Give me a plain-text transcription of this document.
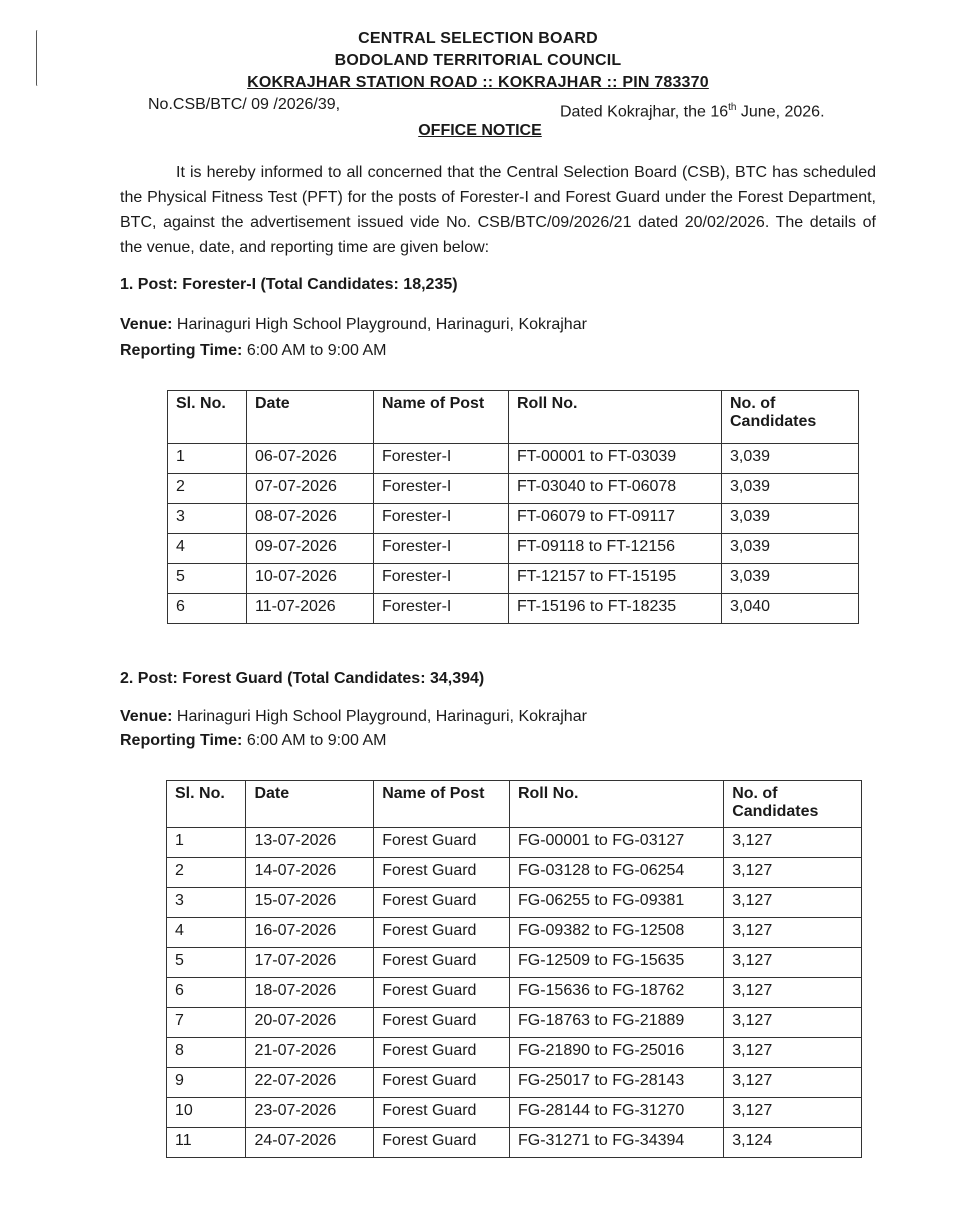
CENTRAL SELECTION BOARD
BODOLAND TERRITORIAL COUNCIL
KOKRAJHAR STATION ROAD :: KOKRAJHAR :: PIN 783370
No.CSB/BTC/ 09 /2026/39,	Dated Kokrajhar, the 16th June, 2026.
OFFICE NOTICE
It is hereby informed to all concerned that the Central Selection Board (CSB), BTC has scheduled the Physical Fitness Test (PFT) for the posts of Forester-I and Forest Guard under the Forest Department, BTC, against the advertisement issued vide No. CSB/BTC/09/2026/21 dated 20/02/2026. The details of the venue, date, and reporting time are given below:
1. Post: Forester-I (Total Candidates: 18,235)
Venue: Harinaguri High School Playground, Harinaguri, Kokrajhar
Reporting Time: 6:00 AM to 9:00 AM
Sl. No.	Date	Name of Post	Roll No.	No. of Candidates
1	06-07-2026	Forester-I	FT-00001 to FT-03039	3,039
2	07-07-2026	Forester-I	FT-03040 to FT-06078	3,039
3	08-07-2026	Forester-I	FT-06079 to FT-09117	3,039
4	09-07-2026	Forester-I	FT-09118 to FT-12156	3,039
5	10-07-2026	Forester-I	FT-12157 to FT-15195	3,039
6	11-07-2026	Forester-I	FT-15196 to FT-18235	3,040
2. Post: Forest Guard (Total Candidates: 34,394)
Venue: Harinaguri High School Playground, Harinaguri, Kokrajhar
Reporting Time: 6:00 AM to 9:00 AM
Sl. No.	Date	Name of Post	Roll No.	No. of Candidates
1	13-07-2026	Forest Guard	FG-00001 to FG-03127	3,127
2	14-07-2026	Forest Guard	FG-03128 to FG-06254	3,127
3	15-07-2026	Forest Guard	FG-06255 to FG-09381	3,127
4	16-07-2026	Forest Guard	FG-09382 to FG-12508	3,127
5	17-07-2026	Forest Guard	FG-12509 to FG-15635	3,127
6	18-07-2026	Forest Guard	FG-15636 to FG-18762	3,127
7	20-07-2026	Forest Guard	FG-18763 to FG-21889	3,127
8	21-07-2026	Forest Guard	FG-21890 to FG-25016	3,127
9	22-07-2026	Forest Guard	FG-25017 to FG-28143	3,127
10	23-07-2026	Forest Guard	FG-28144 to FG-31270	3,127
11	24-07-2026	Forest Guard	FG-31271 to FG-34394	3,124
